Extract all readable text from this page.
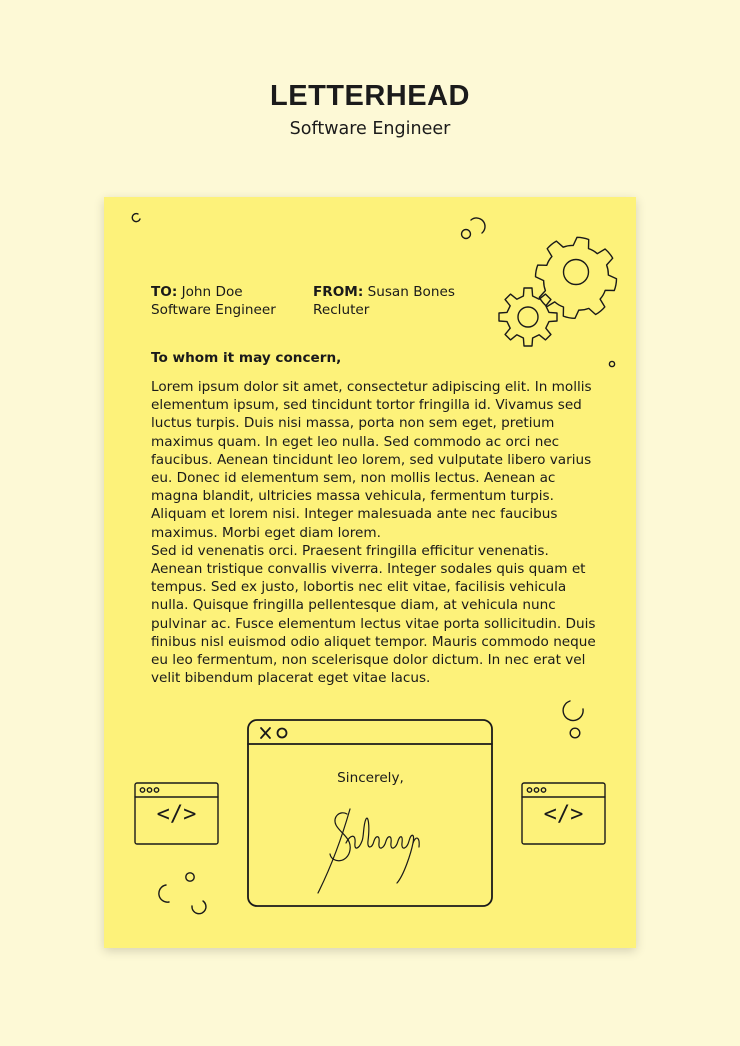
LETTERHEAD
Software Engineer
TO: John Doe
Software Engineer
FROM: Susan Bones
Recluter
To whom it may concern,

Lorem ipsum dolor sit amet, consectetur adipiscing elit. In mollis elementum ipsum, sed tincidunt tortor fringilla id. Vivamus sed luctus turpis. Duis nisi massa, porta non sem eget, pretium maximus quam. In eget leo nulla. Sed commodo ac orci nec faucibus. Aenean tincidunt leo lorem, sed vulputate libero varius eu. Donec id elementum sem, non mollis lectus. Aenean ac magna blandit, ultricies massa vehicula, fermentum turpis. Aliquam et lorem nisi. Integer malesuada ante nec faucibus maximus. Morbi eget diam lorem.

Sed id venenatis orci. Praesent fringilla efficitur venenatis. Aenean tristique convallis viverra. Integer sodales quis quam et tempus. Sed ex justo, lobortis nec elit vitae, facilisis vehicula nulla. Quisque fringilla pellentesque diam, at vehicula nunc pulvinar ac. Fusce elementum lectus vitae porta sollicitudin. Duis finibus nisl euismod odio aliquet tempor. Mauris commodo neque eu leo fermentum, non scelerisque dolor dictum. In nec erat vel velit bibendum placerat eget vitae lacus.

Sincerely,
</>	</>
